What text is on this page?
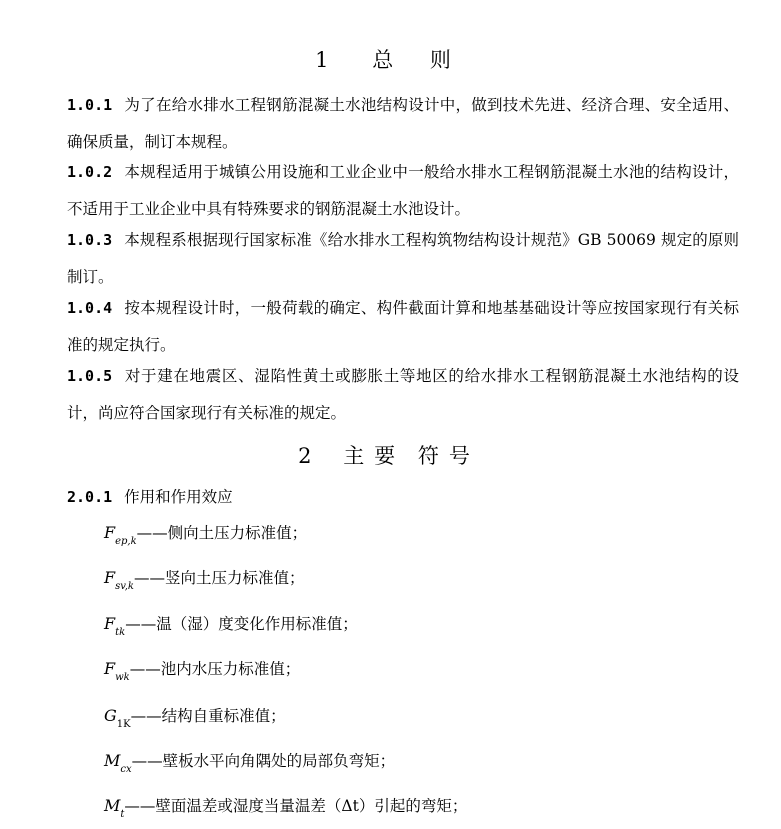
1 总 则
1.0.1 为了在给水排水工程钢筋混凝土水池结构设计中，做到技术先进、经济合理、安全适用、确保质量，制订本规程。
1.0.2 本规程适用于城镇公用设施和工业企业中一般给水排水工程钢筋混凝土水池的结构设计，不适用于工业企业中具有特殊要求的钢筋混凝土水池设计。
1.0.3 本规程系根据现行国家标准《给水排水工程构筑物结构设计规范》GB 50069 规定的原则制订。
1.0.4 按本规程设计时，一般荷载的确定、构件截面计算和地基基础设计等应按国家现行有关标准的规定执行。
1.0.5 对于建在地震区、湿陷性黄土或膨胀土等地区的给水排水工程钢筋混凝土水池结构的设计，尚应符合国家现行有关标准的规定。
2 主要 符号
2.0.1 作用和作用效应
$F_{ep,k}——$侧向土压力标准值；
$F_{sv,k}——$竖向土压力标准值；
$F_{tk}——$温（湿）度变化作用标准值；
$F_{wk}——$池内水压力标准值；
$G_{1K}——$结构自重标准值；
$M_{cx}——$壁板水平向角隅处的局部负弯矩；
$M_t——$壁面温差或湿度当量温差（Δt）引起的弯矩；
